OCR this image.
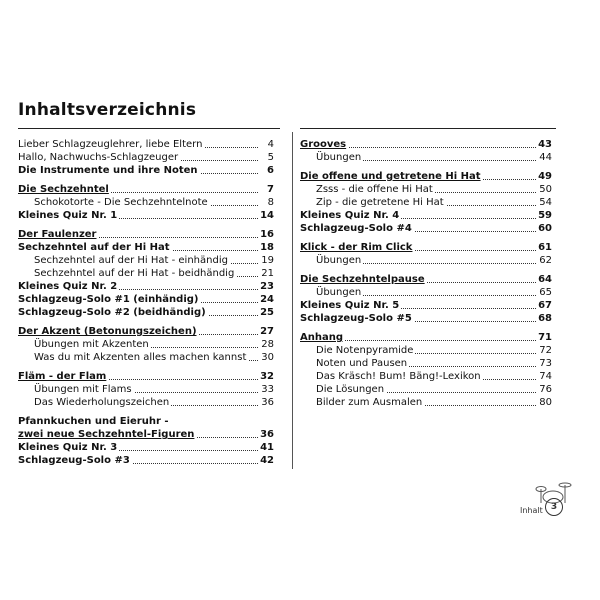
Inhaltsverzeichnis
Lieber Schlagzeuglehrer, liebe Eltern	4
Hallo, Nachwuchs-Schlagzeuger	5
Die Instrumente und ihre Noten	6
Die Sechzehntel	7
Schokotorte - Die Sechzehntelnote	8
Kleines Quiz Nr. 1	14
Der Faulenzer	16
Sechzehntel auf der Hi Hat	18
Sechzehntel auf der Hi Hat - einhändig	19
Sechzehntel auf der Hi Hat - beidhändig	21
Kleines Quiz Nr. 2	23
Schlagzeug-Solo #1 (einhändig)	24
Schlagzeug-Solo #2 (beidhändig)	25
Der Akzent (Betonungszeichen)	27
Übungen mit Akzenten	28
Was du mit Akzenten alles machen kannst 30
Fläm - der Flam	32
Übungen mit Flams	33
Das Wiederholungszeichen	36
Pfannkuchen und Eieruhr -
zwei neue Sechzehntel-Figuren	36
Kleines Quiz Nr. 3	41
Schlagzeug-Solo #3	42
Grooves	43
Übungen	44
Die offene und getretene Hi Hat	49
Zsss - die offene Hi Hat	50
Zip - die getretene Hi Hat	54
Kleines Quiz Nr. 4	59
Schlagzeug-Solo #4	60
Klick - der Rim Click	61
Übungen	62
Die Sechzehntelpause	64
Übungen	65
Kleines Quiz Nr. 5	67
Schlagzeug-Solo #5	68
Anhang	71
Die Notenpyramide	72
Noten und Pausen	73
Das Kräsch! Bum! Bäng!-Lexikon	74
Die Lösungen	76
Bilder zum Ausmalen	80
Inhalt 3
